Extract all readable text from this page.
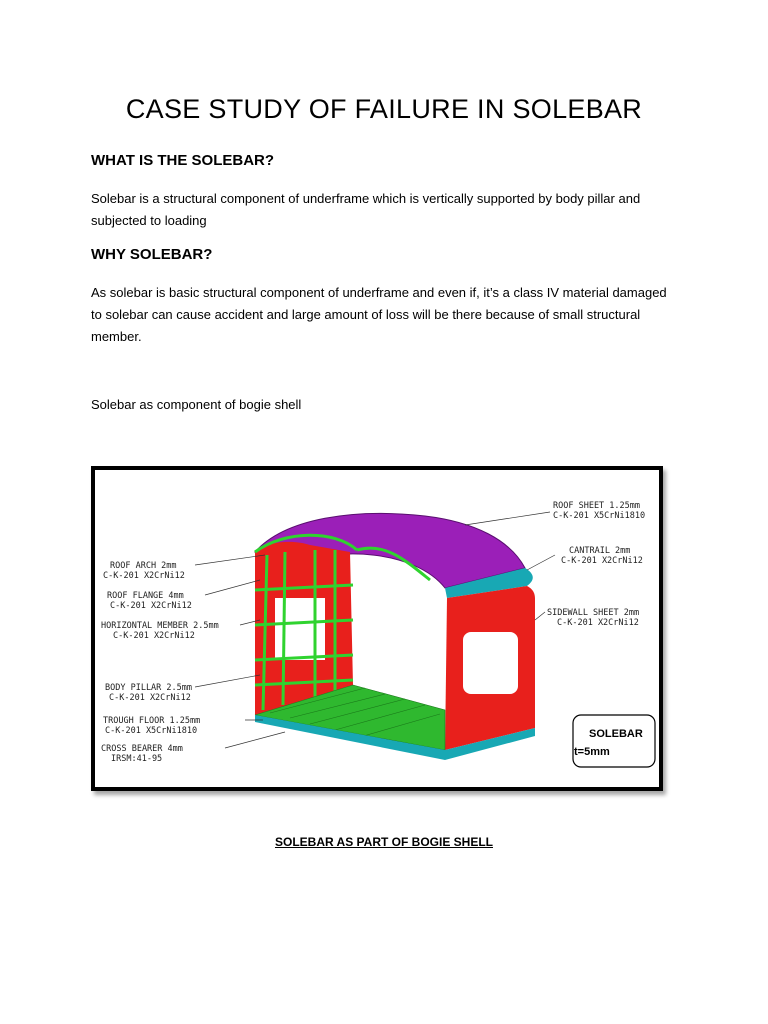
CASE STUDY OF FAILURE IN SOLEBAR
WHAT IS THE SOLEBAR?
Solebar is a structural component of underframe which is vertically supported by body pillar and subjected to loading
WHY SOLEBAR?
As solebar is basic structural component of underframe and even if, it’s a class IV material damaged to solebar can cause accident and large amount of loss will be there because of small structural member.
Solebar as component of bogie shell
ROOF ARCH 2mm
C-K-201 X2CrNi12
ROOF FLANGE 4mm
C-K-201 X2CrNi12
HORIZONTAL MEMBER 2.5mm
C-K-201 X2CrNi12
BODY PILLAR 2.5mm
C-K-201 X2CrNi12
TROUGH FLOOR 1.25mm
C-K-201 X5CrNi1810
CROSS BEARER 4mm
IRSM:41-95
ROOF SHEET 1.25mm
C-K-201 X5CrNi1810
CANTRAIL 2mm
C-K-201 X2CrNi12
SIDEWALL SHEET 2mm
C-K-201 X2CrNi12
SOLEBAR
t=5mm
SOLEBAR AS PART OF BOGIE SHELL
